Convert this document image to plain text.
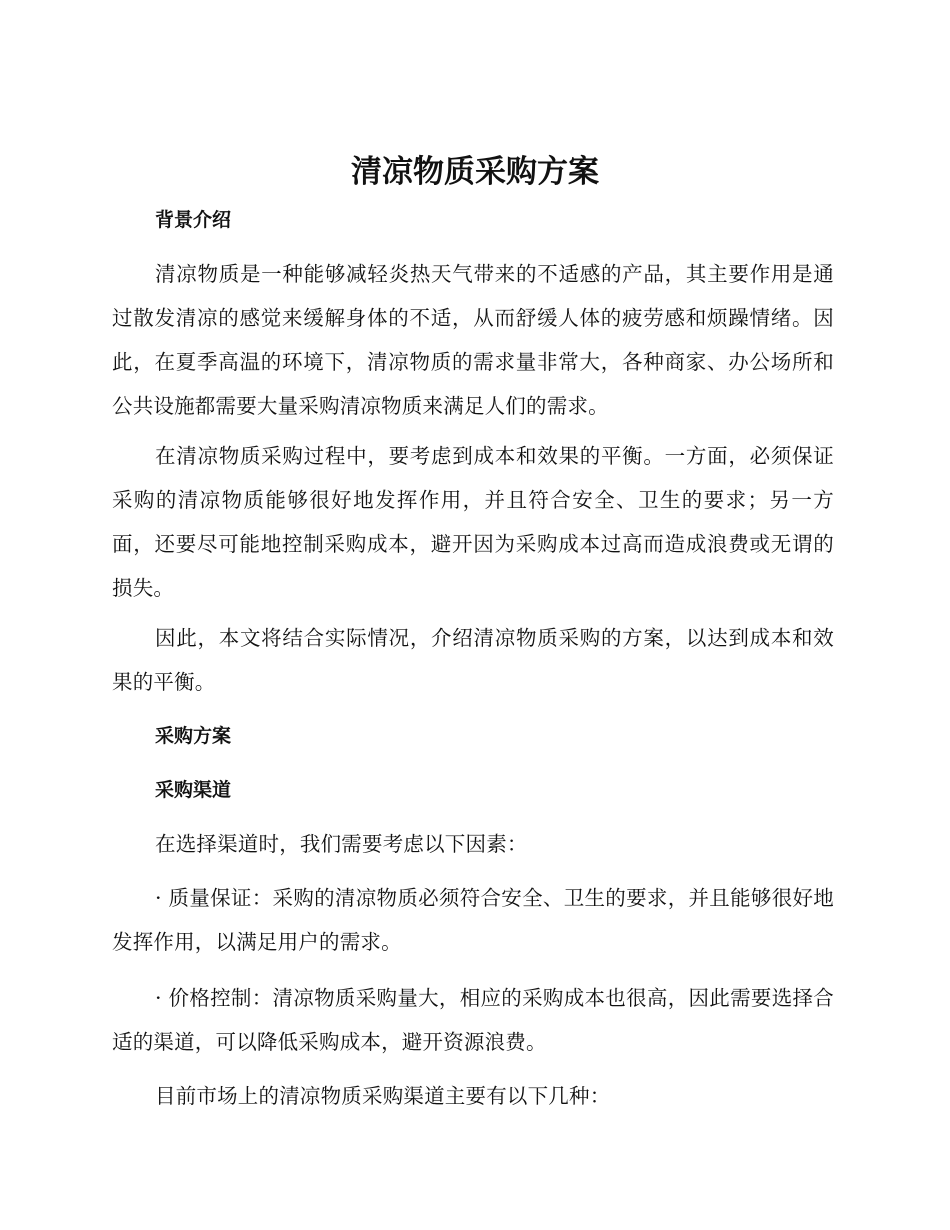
清凉物质采购方案
背景介绍

清凉物质是一种能够减轻炎热天气带来的不适感的产品，其主要作用是通过散发清凉的感觉来缓解身体的不适，从而舒缓人体的疲劳感和烦躁情绪。因此，在夏季高温的环境下，清凉物质的需求量非常大，各种商家、办公场所和公共设施都需要大量采购清凉物质来满足人们的需求。

在清凉物质采购过程中，要考虑到成本和效果的平衡。一方面，必须保证采购的清凉物质能够很好地发挥作用，并且符合安全、卫生的要求；另一方面，还要尽可能地控制采购成本，避开因为采购成本过高而造成浪费或无谓的损失。

因此，本文将结合实际情况，介绍清凉物质采购的方案，以达到成本和效果的平衡。

采购方案
采购渠道

在选择渠道时，我们需要考虑以下因素：

· 质量保证：采购的清凉物质必须符合安全、卫生的要求，并且能够很好地发挥作用，以满足用户的需求。

· 价格控制：清凉物质采购量大，相应的采购成本也很高，因此需要选择合适的渠道，可以降低采购成本，避开资源浪费。

目前市场上的清凉物质采购渠道主要有以下几种：
